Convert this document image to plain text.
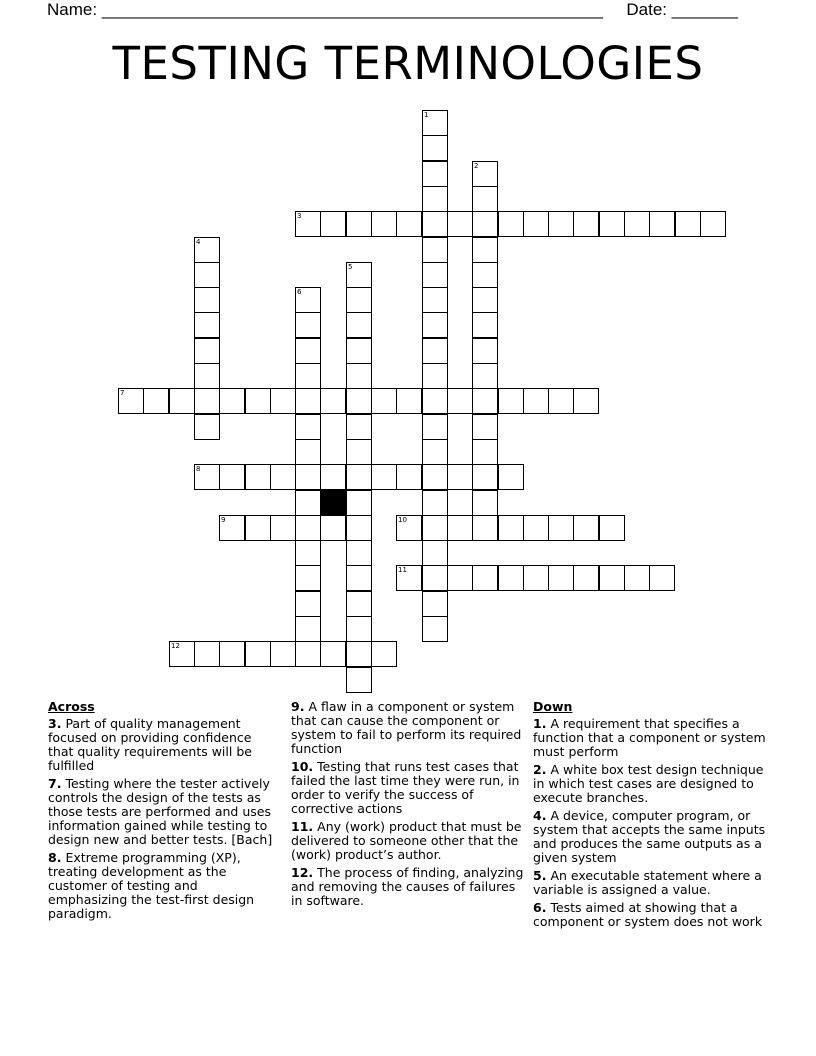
Name: _____________________________________________________ Date: _______
TESTING TERMINOLOGIES
1
2
3
4
5
6
7
8
9	10
11
12
Across
3. Part of quality management focused on providing confidence that quality requirements will be fulfilled
7. Testing where the tester actively controls the design of the tests as those tests are performed and uses information gained while testing to design new and better tests. [Bach]
8. Extreme programming (XP), treating development as the customer of testing and emphasizing the test-first design paradigm.
9. A flaw in a component or system that can cause the component or system to fail to perform its required function
10. Testing that runs test cases that failed the last time they were run, in order to verify the success of corrective actions
11. Any (work) product that must be delivered to someone other that the (work) product’s author.
12. The process of finding, analyzing and removing the causes of failures in software.
Down
1. A requirement that specifies a function that a component or system must perform
2. A white box test design technique in which test cases are designed to execute branches.
4. A device, computer program, or system that accepts the same inputs and produces the same outputs as a given system
5. An executable statement where a variable is assigned a value.
6. Tests aimed at showing that a component or system does not work
